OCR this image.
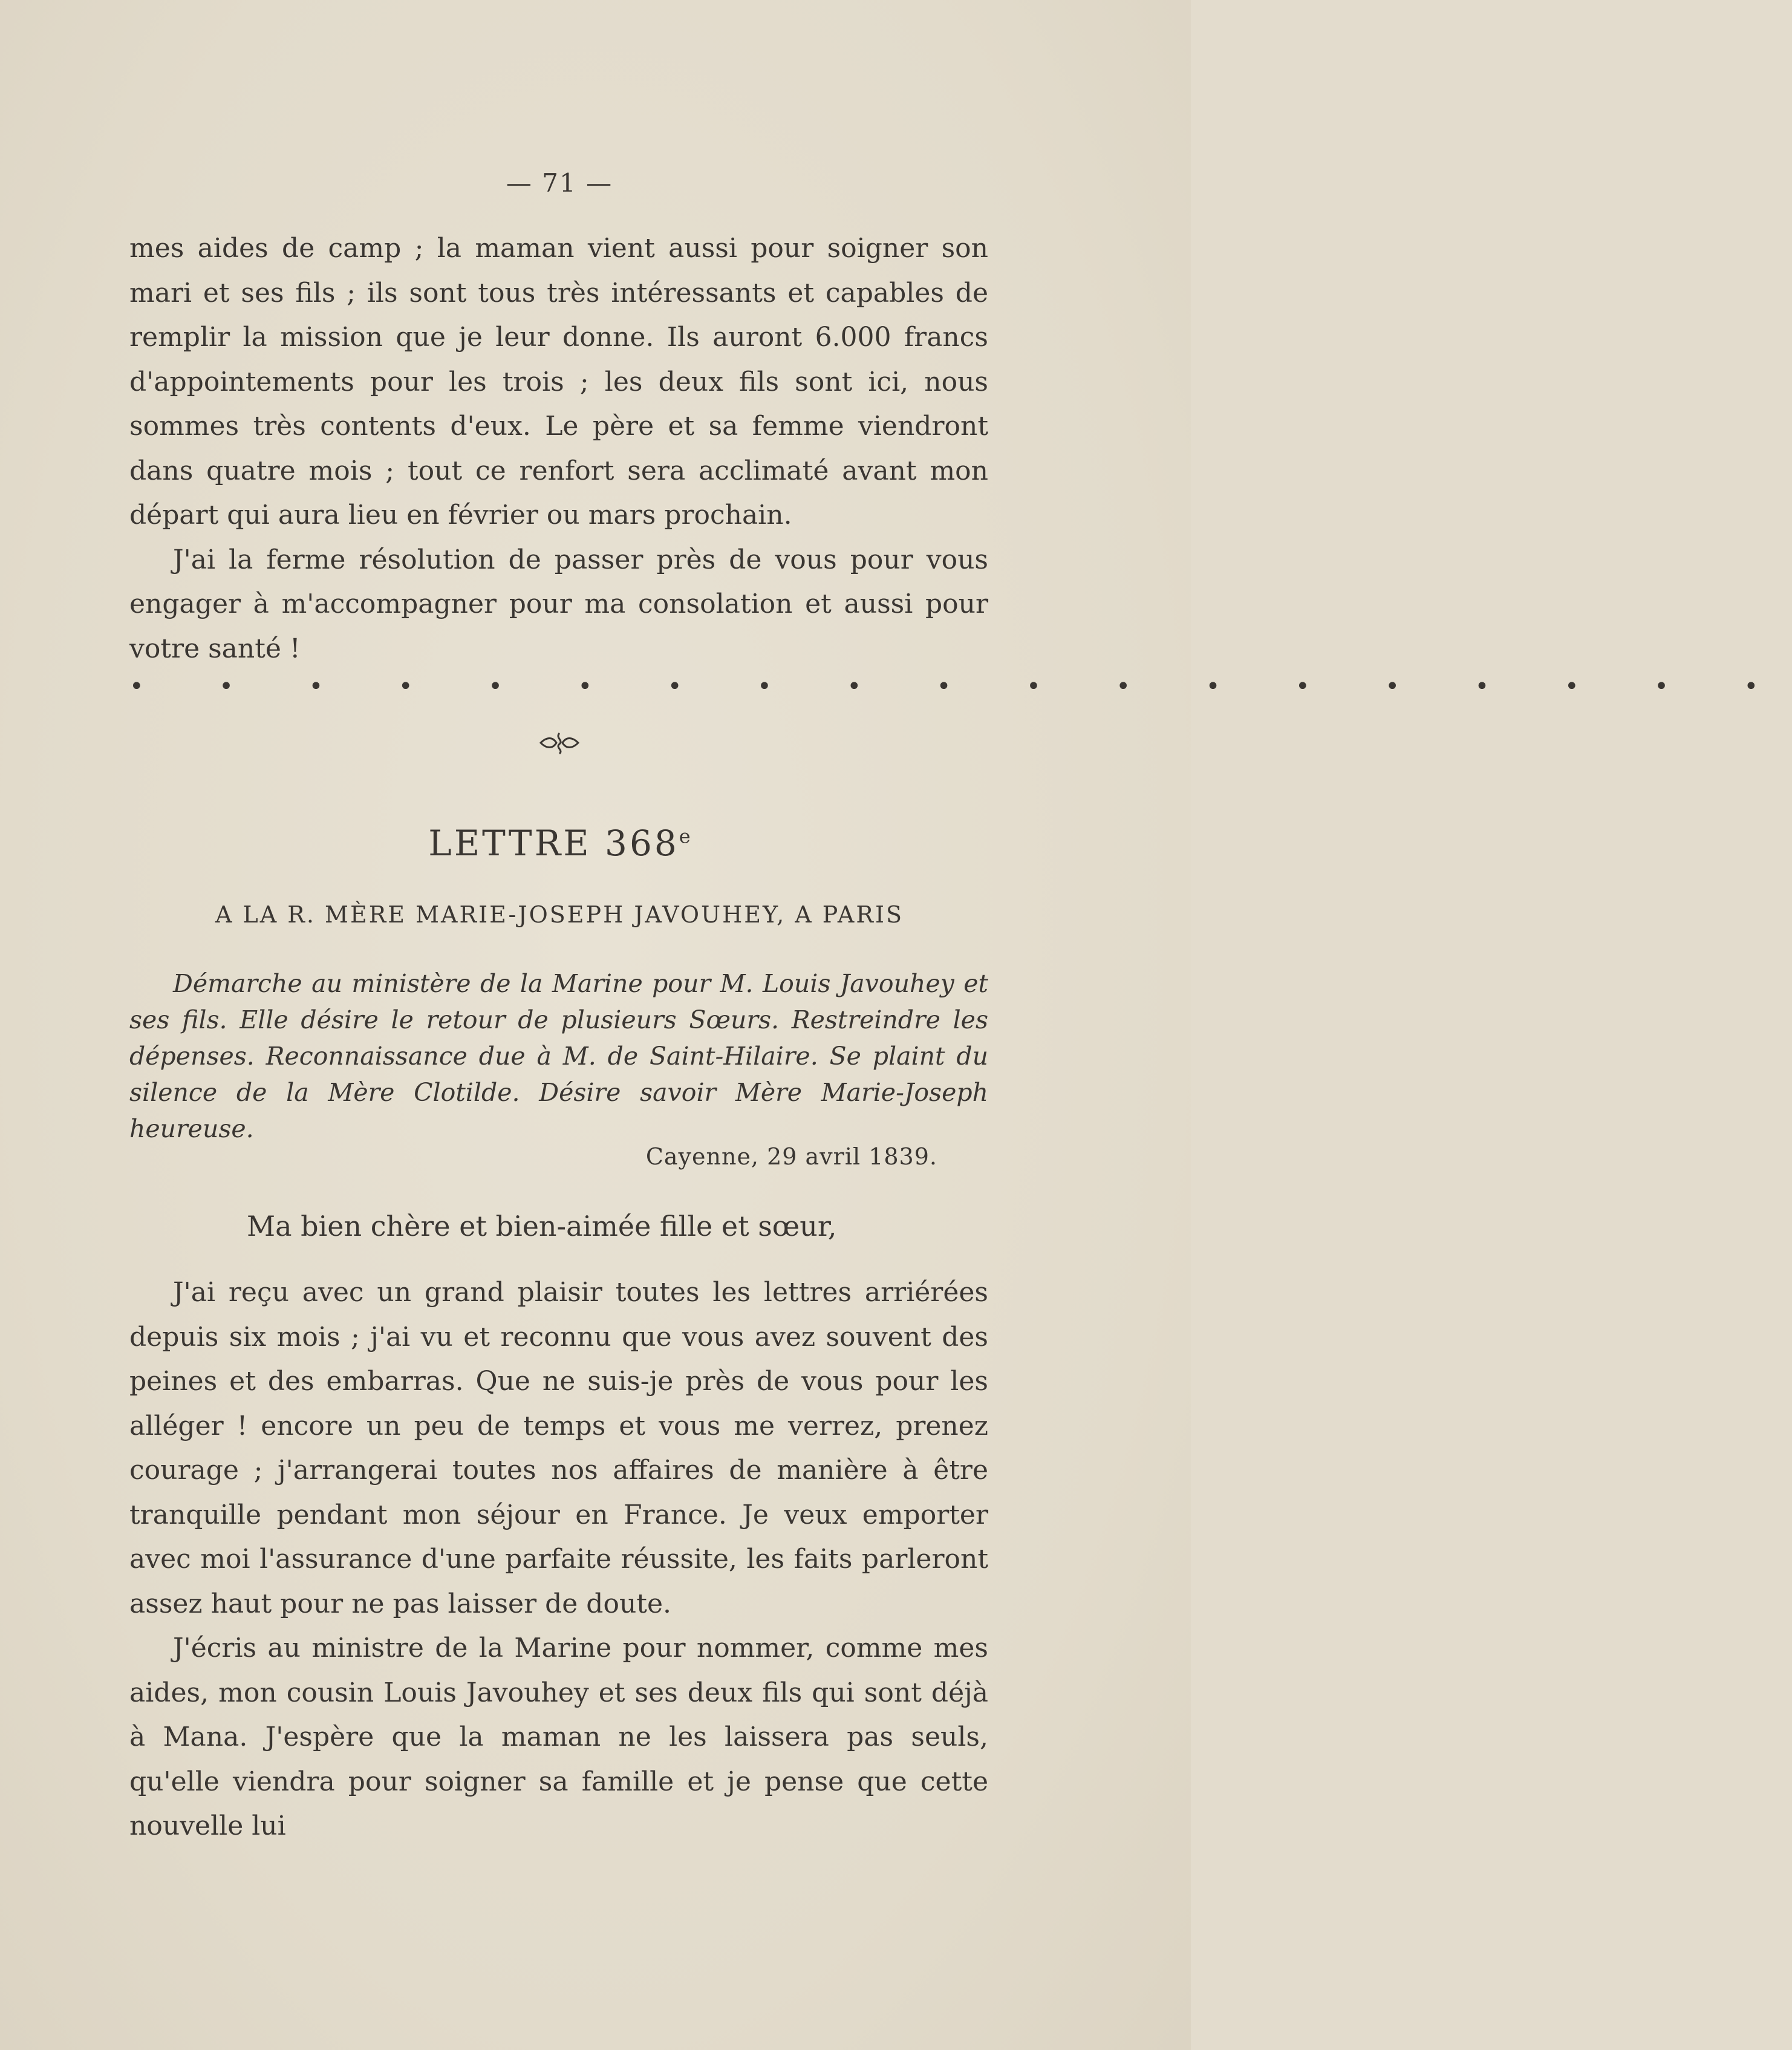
— 71 —

mes aides de camp ; la maman vient aussi pour soigner son mari et ses fils ; ils sont tous très intéressants et capables de remplir la mission que je leur donne. Ils auront 6.000 francs d'appointements pour les trois ; les deux fils sont ici, nous sommes très contents d'eux. Le père et sa femme viendront dans quatre mois ; tout ce renfort sera acclimaté avant mon départ qui aura lieu en février ou mars prochain.

J'ai la ferme résolution de passer près de vous pour vous engager à m'accompagner pour ma consolation et aussi pour votre santé !

• • • • • • • • • • • • • • • • • • •
LETTRE 368e
A LA R. MÈRE MARIE-JOSEPH JAVOUHEY, A PARIS
Démarche au ministère de la Marine pour M. Louis Javouhey et ses fils. Elle désire le retour de plusieurs Sœurs. Restreindre les dépenses. Reconnaissance due à M. de Saint-Hilaire. Se plaint du silence de la Mère Clotilde. Désire savoir Mère Marie-Joseph heureuse.
Cayenne, 29 avril 1839.
Ma bien chère et bien-aimée fille et sœur,

J'ai reçu avec un grand plaisir toutes les lettres arriérées depuis six mois ; j'ai vu et reconnu que vous avez souvent des peines et des embarras. Que ne suis-je près de vous pour les alléger ! encore un peu de temps et vous me verrez, prenez courage ; j'arrangerai toutes nos affaires de manière à être tranquille pendant mon séjour en France. Je veux emporter avec moi l'assurance d'une parfaite réussite, les faits parleront assez haut pour ne pas laisser de doute.

J'écris au ministre de la Marine pour nommer, comme mes aides, mon cousin Louis Javouhey et ses deux fils qui sont déjà à Mana. J'espère que la maman ne les laissera pas seuls, qu'elle viendra pour soigner sa famille et je pense que cette nouvelle lui
